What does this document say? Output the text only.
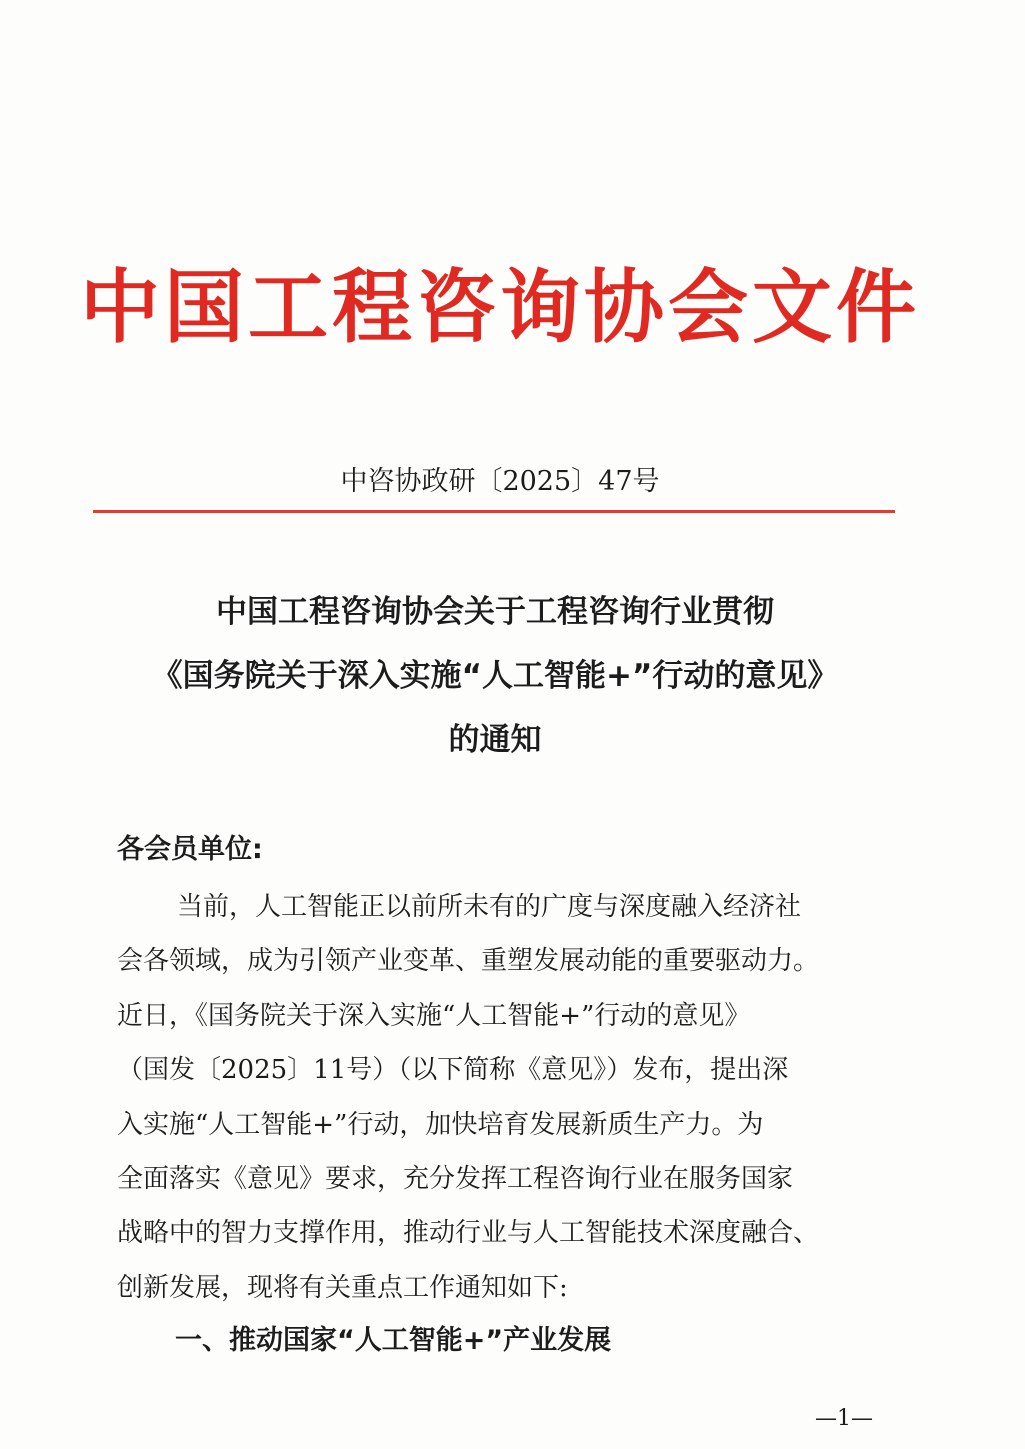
中国工程咨询协会文件
中咨协政研〔2025〕47号
中国工程咨询协会关于工程咨询行业贯彻
《国务院关于深入实施“人工智能+”行动的意见》
的通知
各会员单位:
当前，人工智能正以前所未有的广度与深度融入经济社
会各领域，成为引领产业变革、重塑发展动能的重要驱动力。
近日，《国务院关于深入实施“人工智能+”行动的意见》
（国发〔2025〕11号）（以下简称《意见》）发布，提出深
入实施“人工智能+”行动，加快培育发展新质生产力。为
全面落实《意见》要求，充分发挥工程咨询行业在服务国家
战略中的智力支撑作用，推动行业与人工智能技术深度融合、
创新发展，现将有关重点工作通知如下:
一、推动国家“人工智能+”产业发展
—1—
